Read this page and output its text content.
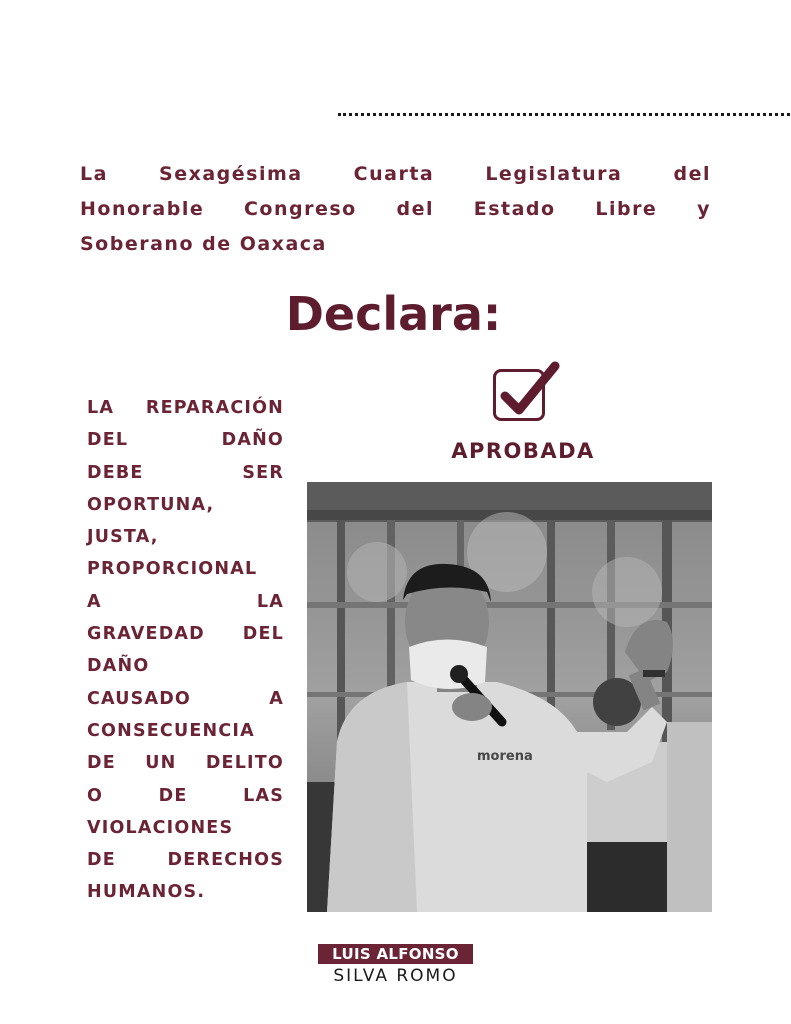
La	Sexagésima	Cuarta	Legislatura	del
Honorable Congreso del Estado Libre y
Soberano de Oaxaca
Declara:
LA REPARACIÓN
DEL	DAÑO
DEBE	SER
OPORTUNA,
JUSTA,
PROPORCIONAL
A	LA
GRAVEDAD DEL
DAÑO
CAUSADO	A
CONSECUENCIA
DE UN DELITO
O	DE	LAS
VIOLACIONES
DE	DERECHOS
HUMANOS.
APROBADA
morena
LUIS ALFONSO
SILVA ROMO
